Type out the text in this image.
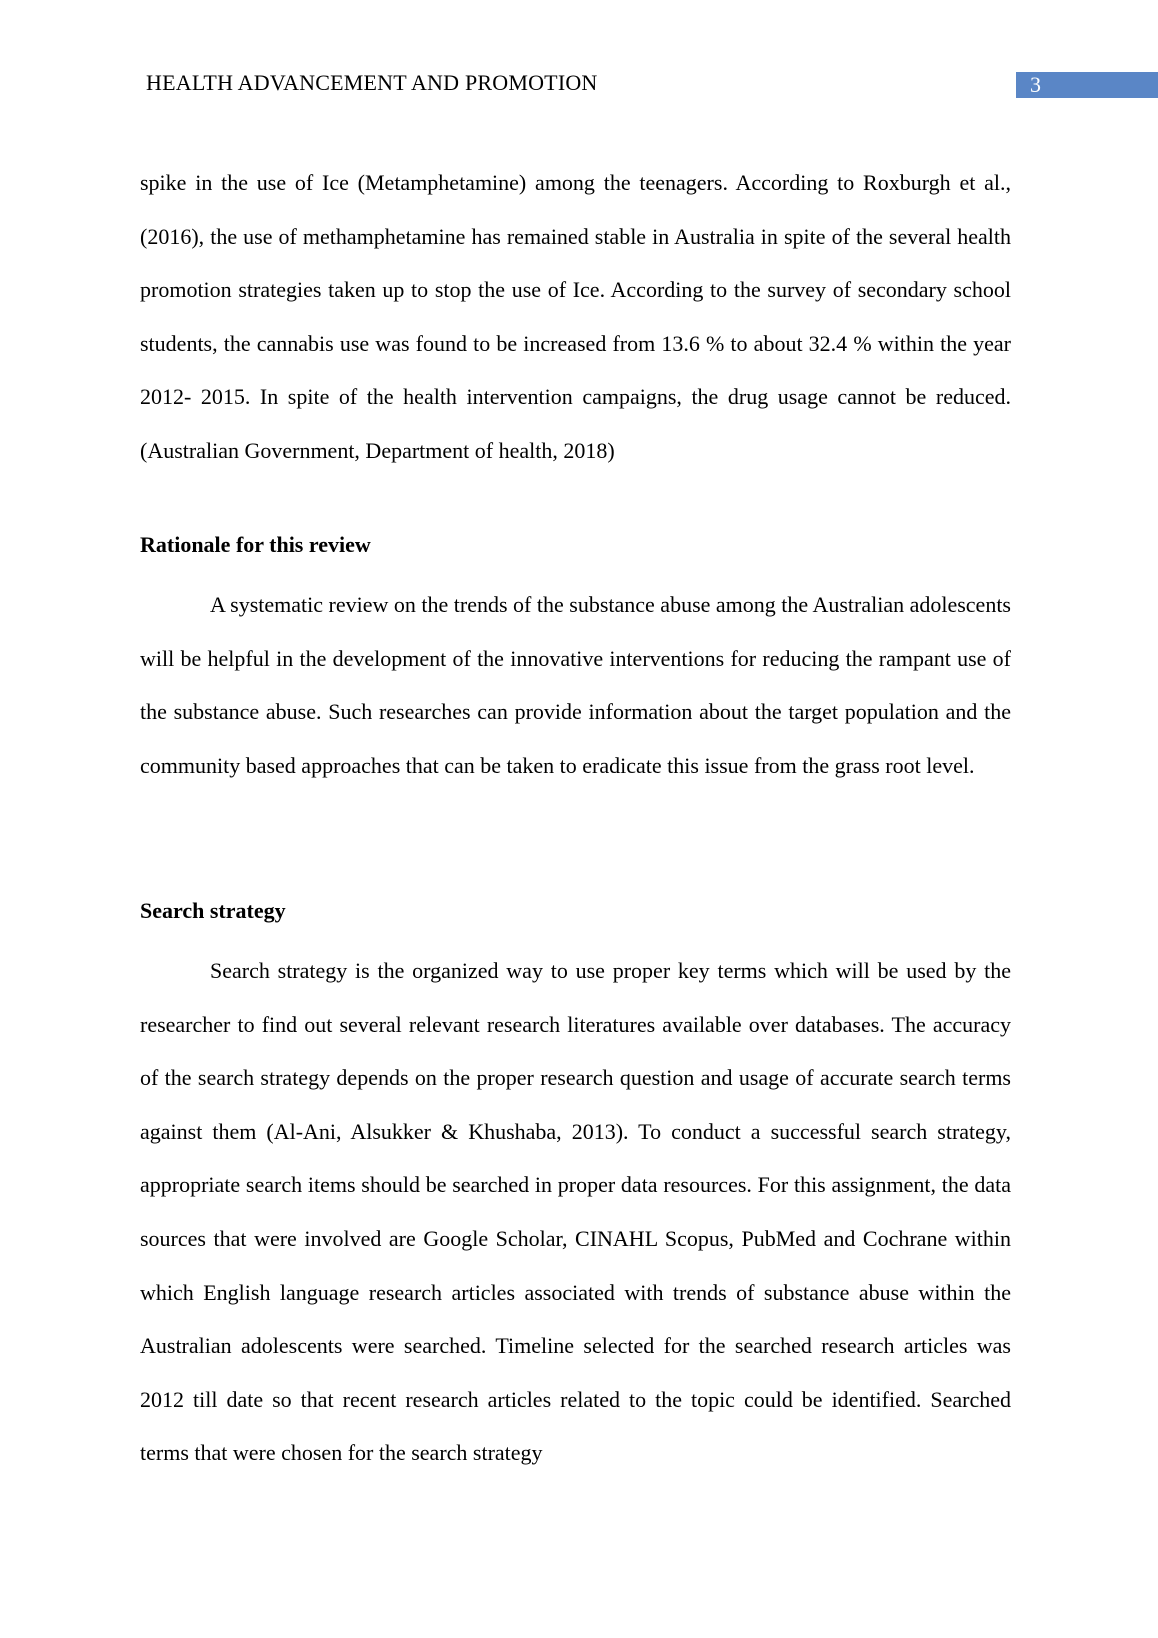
HEALTH ADVANCEMENT AND PROMOTION	3

spike in the use of Ice (Metamphetamine) among the teenagers. According to Roxburgh et al., (2016), the use of methamphetamine has remained stable in Australia in spite of the several health promotion strategies taken up to stop the use of Ice. According to the survey of secondary school students, the cannabis use was found to be increased from 13.6 % to about 32.4 % within the year 2012- 2015. In spite of the health intervention campaigns, the drug usage cannot be reduced. (Australian Government, Department of health, 2018)

Rationale for this review

A systematic review on the trends of the substance abuse among the Australian adolescents will be helpful in the development of the innovative interventions for reducing the rampant use of the substance abuse. Such researches can provide information about the target population and the community based approaches that can be taken to eradicate this issue from the grass root level.

Search strategy

Search strategy is the organized way to use proper key terms which will be used by the researcher to find out several relevant research literatures available over databases. The accuracy of the search strategy depends on the proper research question and usage of accurate search terms against them (Al-Ani, Alsukker & Khushaba, 2013). To conduct a successful search strategy, appropriate search items should be searched in proper data resources. For this assignment, the data sources that were involved are Google Scholar, CINAHL Scopus, PubMed and Cochrane within which English language research articles associated with trends of substance abuse within the Australian adolescents were searched. Timeline selected for the searched research articles was 2012 till date so that recent research articles related to the topic could be identified. Searched terms that were chosen for the search strategy
